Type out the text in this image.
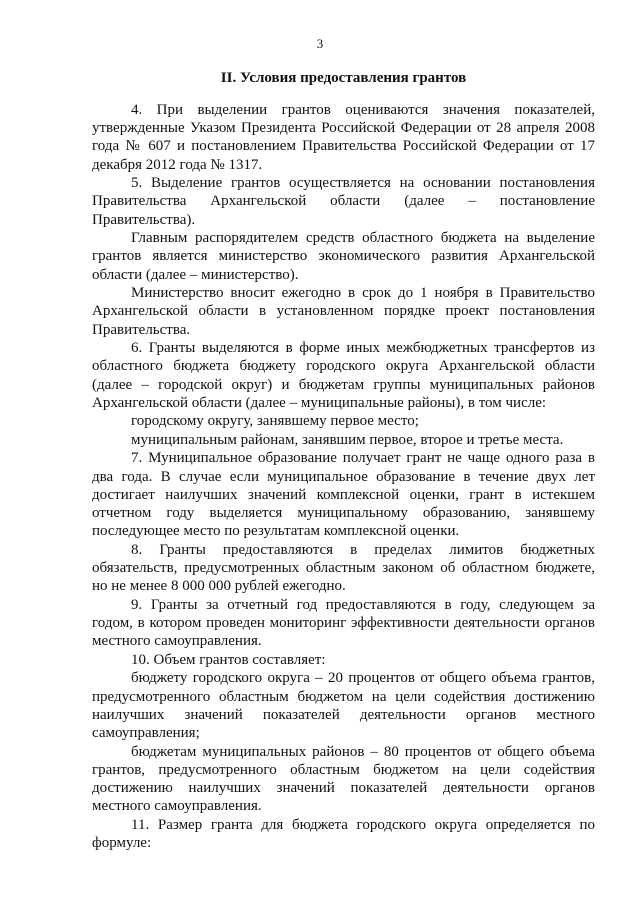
3
II. Условия предоставления грантов

4. При выделении грантов оцениваются значения показателей, утвержденные Указом Президента Российской Федерации от 28 апреля 2008 года № 607 и постановлением Правительства Российской Федерации от 17 декабря 2012 года № 1317.

5. Выделение грантов осуществляется на основании постановления Правительства Архангельской области (далее – постановление Правительства).

Главным распорядителем средств областного бюджета на выделение грантов является министерство экономического развития Архангельской области (далее – министерство).

Министерство вносит ежегодно в срок до 1 ноября в Правительство Архангельской области в установленном порядке проект постановления Правительства.

6. Гранты выделяются в форме иных межбюджетных трансфертов из областного бюджета бюджету городского округа Архангельской области (далее – городской округ) и бюджетам группы муниципальных районов Архангельской области (далее – муниципальные районы), в том числе:

городскому округу, занявшему первое место;

муниципальным районам, занявшим первое, второе и третье места.

7. Муниципальное образование получает грант не чаще одного раза в два года. В случае если муниципальное образование в течение двух лет достигает наилучших значений комплексной оценки, грант в истекшем отчетном году выделяется муниципальному образованию, занявшему последующее место по результатам комплексной оценки.

8. Гранты предоставляются в пределах лимитов бюджетных обязательств, предусмотренных областным законом об областном бюджете, но не менее 8 000 000 рублей ежегодно.

9. Гранты за отчетный год предоставляются в году, следующем за годом, в котором проведен мониторинг эффективности деятельности органов местного самоуправления.

10. Объем грантов составляет:

бюджету городского округа – 20 процентов от общего объема грантов, предусмотренного областным бюджетом на цели содействия достижению наилучших значений показателей деятельности органов местного самоуправления;

бюджетам муниципальных районов – 80 процентов от общего объема грантов, предусмотренного областным бюджетом на цели содействия достижению наилучших значений показателей деятельности органов местного самоуправления.

11. Размер гранта для бюджета городского округа определяется по формуле:
